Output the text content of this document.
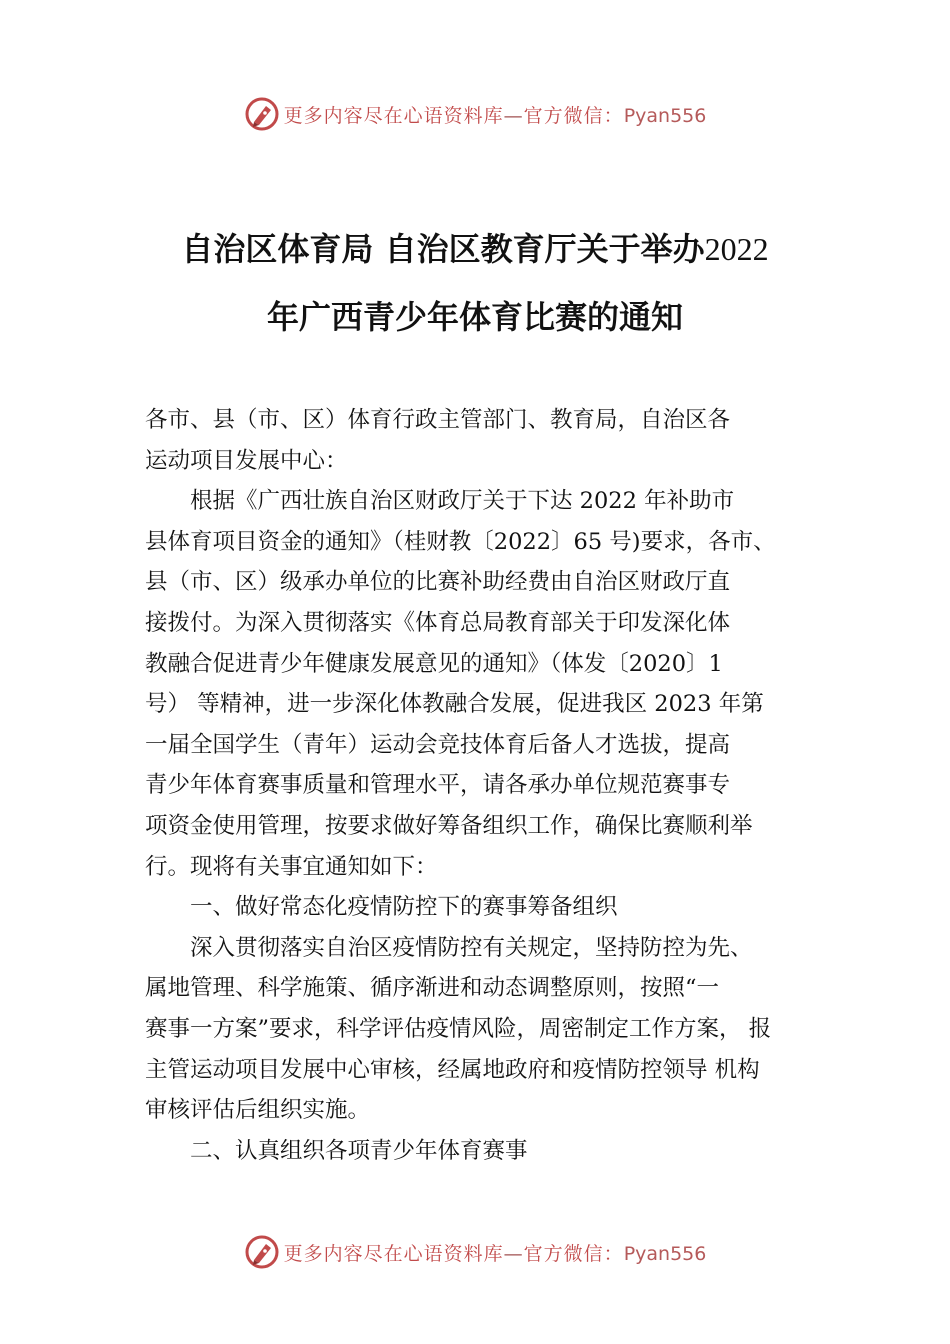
更多内容尽在心语资料库—官方微信：Pyan556
自治区体育局 自治区教育厅关于举办2022
年广西青少年体育比赛的通知
各市、县（市、区）体育行政主管部门、教育局，自治区各
运动项目发展中心：
　　根据《广西壮族自治区财政厅关于下达 2022 年补助市
县体育项目资金的通知》（桂财教〔2022〕65 号)要求，各市、
县（市、区）级承办单位的比赛补助经费由自治区财政厅直
接拨付。为深入贯彻落实《体育总局教育部关于印发深化体
教融合促进青少年健康发展意见的通知》（体发〔2020〕1
号） 等精神，进一步深化体教融合发展，促进我区 2023 年第
一届全国学生（青年）运动会竞技体育后备人才选拔，提高
青少年体育赛事质量和管理水平，请各承办单位规范赛事专
项资金使用管理，按要求做好筹备组织工作，确保比赛顺利举
行。现将有关事宜通知如下：
　　一、做好常态化疫情防控下的赛事筹备组织
　　深入贯彻落实自治区疫情防控有关规定，坚持防控为先、
属地管理、科学施策、循序渐进和动态调整原则，按照“一
赛事一方案”要求，科学评估疫情风险，周密制定工作方案， 报
主管运动项目发展中心审核，经属地政府和疫情防控领导 机构
审核评估后组织实施。
　　二、认真组织各项青少年体育赛事
更多内容尽在心语资料库—官方微信：Pyan556
